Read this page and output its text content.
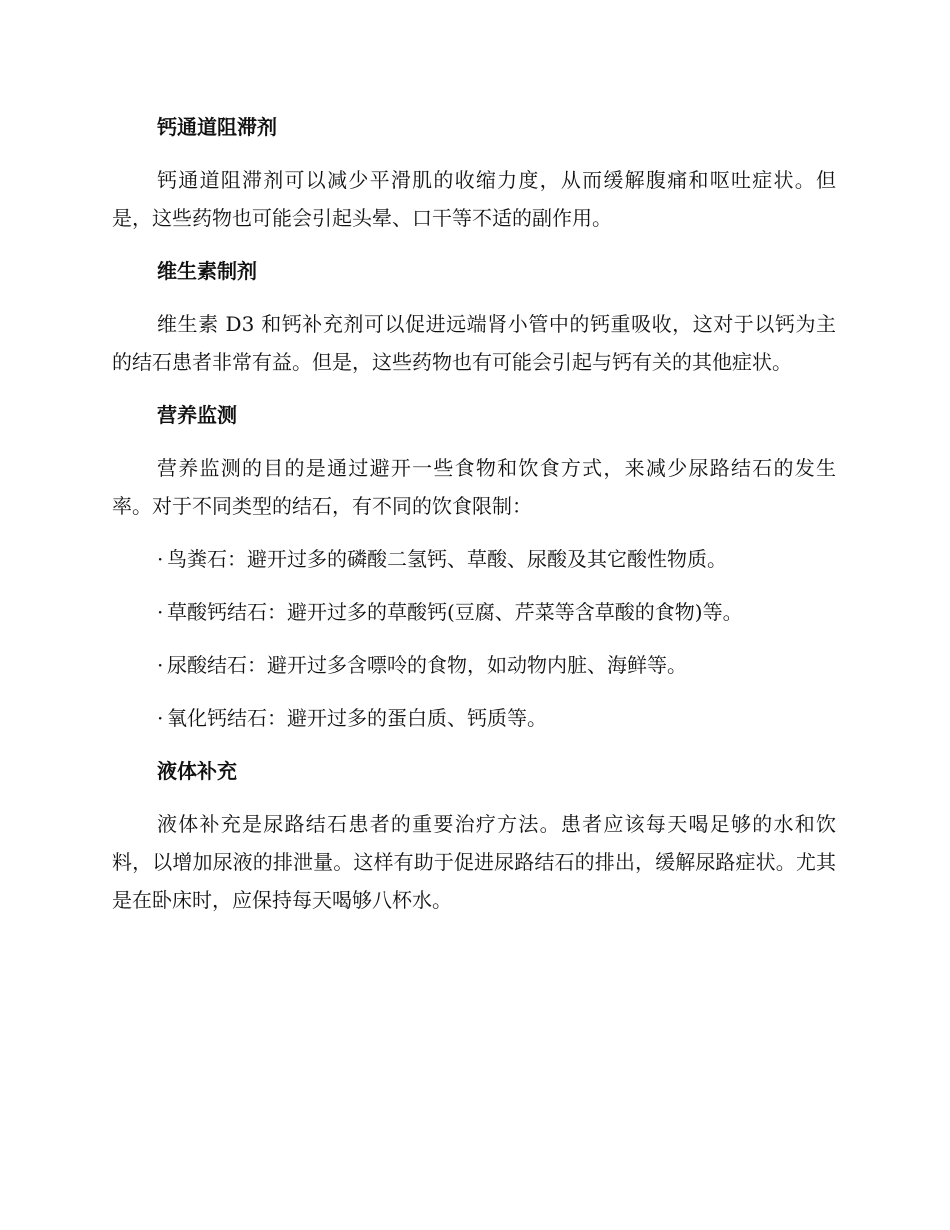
钙通道阻滞剂

钙通道阻滞剂可以减少平滑肌的收缩力度，从而缓解腹痛和呕吐症状。但是，这些药物也可能会引起头晕、口干等不适的副作用。

维生素制剂

维生素 D3 和钙补充剂可以促进远端肾小管中的钙重吸收，这对于以钙为主的结石患者非常有益。但是，这些药物也有可能会引起与钙有关的其他症状。

营养监测

营养监测的目的是通过避开一些食物和饮食方式，来减少尿路结石的发生率。对于不同类型的结石，有不同的饮食限制：

· 鸟粪石：避开过多的磷酸二氢钙、草酸、尿酸及其它酸性物质。

· 草酸钙结石：避开过多的草酸钙(豆腐、芹菜等含草酸的食物)等。

· 尿酸结石：避开过多含嘌呤的食物，如动物内脏、海鲜等。

· 氧化钙结石：避开过多的蛋白质、钙质等。

液体补充

液体补充是尿路结石患者的重要治疗方法。患者应该每天喝足够的水和饮料，以增加尿液的排泄量。这样有助于促进尿路结石的排出，缓解尿路症状。尤其是在卧床时，应保持每天喝够八杯水。
